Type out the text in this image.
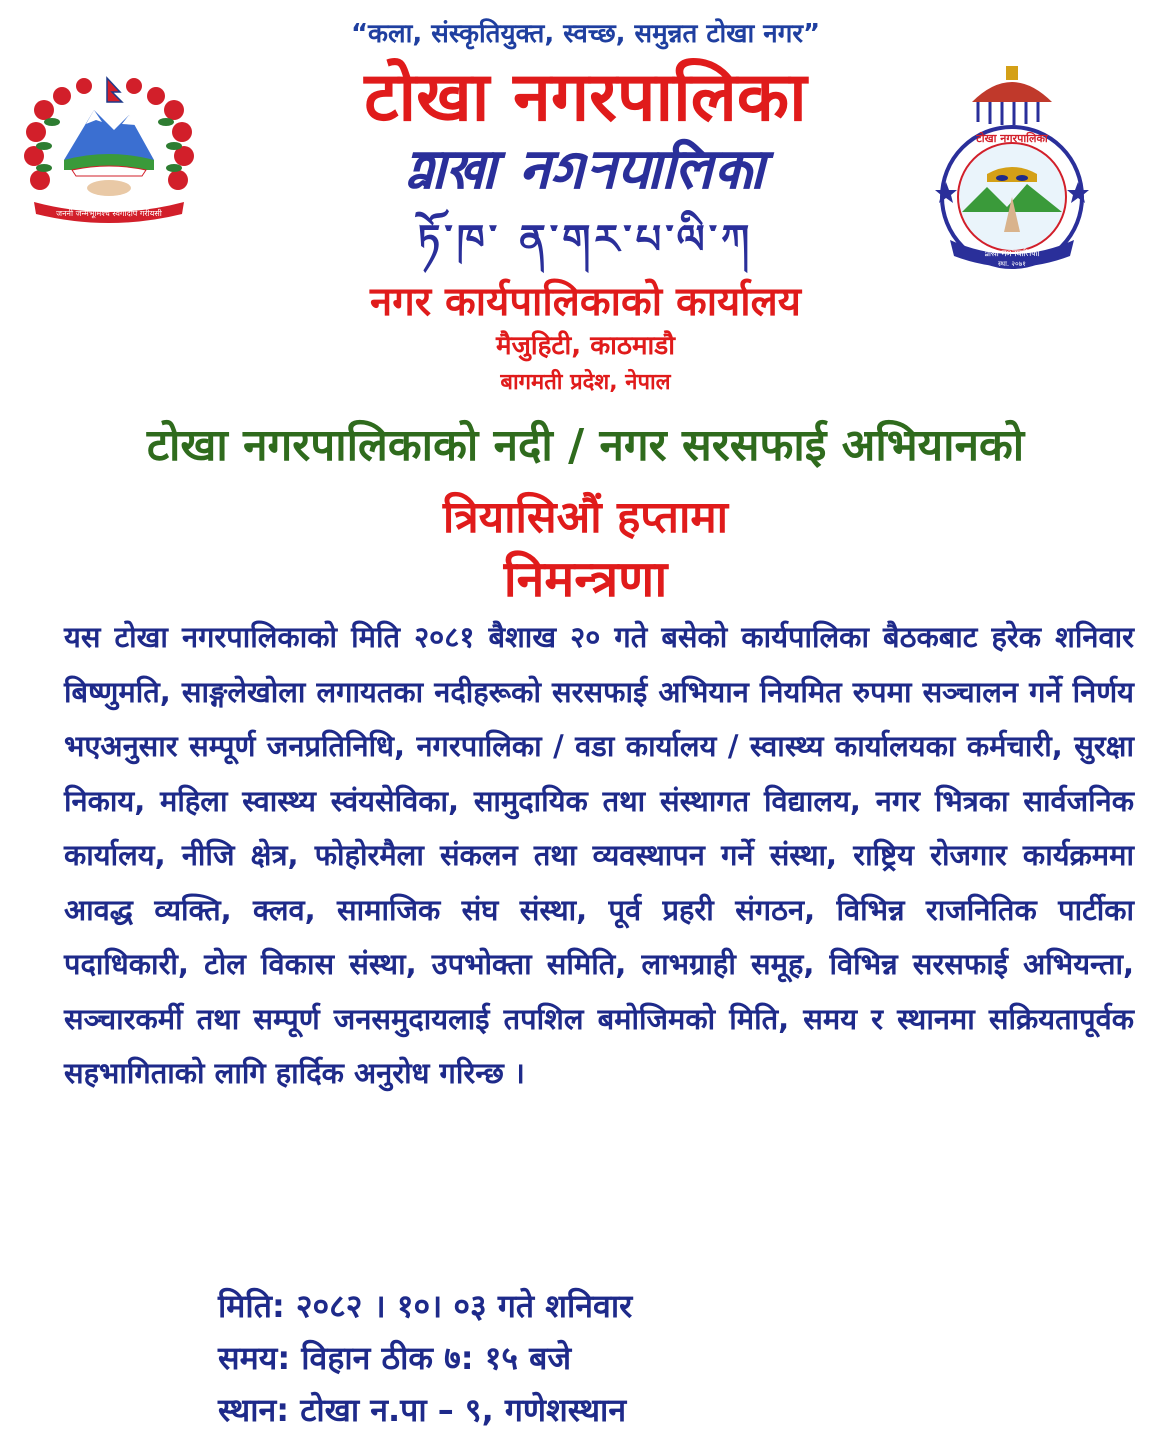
“कला, संस्कृतियुक्त, स्वच्छ, समुन्नत टोखा नगर”
जननी जन्मभूमिश्च स्वर्गादपि गरीयसी
टोखा नगरपालिका
𑐟𑑂𑐰𑐵𑐏𑐵 𑐣𑐐𑐬𑐥𑐵𑐮𑐶𑐎𑐵
ཏོ་ཁ་ ན་གར་པ་ལི་ཀ
नगर कार्यपालिकाको कार्यालय
मैजुहिटी, काठमाडौ
बागमती प्रदेश, नेपाल
टोखा नगरपालिका
𑐟𑑂𑐰𑐵𑐏𑐵 𑐣𑐐𑐬𑐥𑐵𑐮𑐶𑐎𑐵
स्था. २०७१
टोखा नगरपालिकाको नदी / नगर सरसफाई अभियानको
त्रियासिऔं हप्तामा
निमन्त्रणा
यस टोखा नगरपालिकाको मिति २०८१ बैशाख २० गते बसेको कार्यपालिका बैठकबाट हरेक शनिवार बिष्णुमति, साङ्गलेखोला लगायतका नदीहरूको सरसफाई अभियान नियमित रुपमा सञ्चालन गर्ने निर्णय भएअनुसार सम्पूर्ण जनप्रतिनिधि, नगरपालिका / वडा कार्यालय / स्वास्थ्य कार्यालयका कर्मचारी, सुरक्षा निकाय, महिला स्वास्थ्य स्वंयसेविका, सामुदायिक तथा संस्थागत विद्यालय, नगर भित्रका सार्वजनिक कार्यालय, नीजि क्षेत्र, फोहोरमैला संकलन तथा व्यवस्थापन गर्ने संस्था, राष्ट्रिय रोजगार कार्यक्रममा आवद्ध व्यक्ति, क्लव, सामाजिक संघ संस्था, पूर्व प्रहरी संगठन, विभिन्न राजनितिक पार्टीका पदाधिकारी, टोल विकास संस्था, उपभोक्ता समिति, लाभग्राही समूह, विभिन्न सरसफाई अभियन्ता, सञ्चारकर्मी तथा सम्पूर्ण जनसमुदायलाई तपशिल बमोजिमको मिति, समय र स्थानमा सक्रियतापूर्वक सहभागिताको लागि हार्दिक अनुरोध गरिन्छ ।
मिति: २०८२ । १०। ०३ गते शनिवार
समय: विहान ठीक ७: १५ बजे
स्थान: टोखा न.पा – ९, गणेशस्थान
